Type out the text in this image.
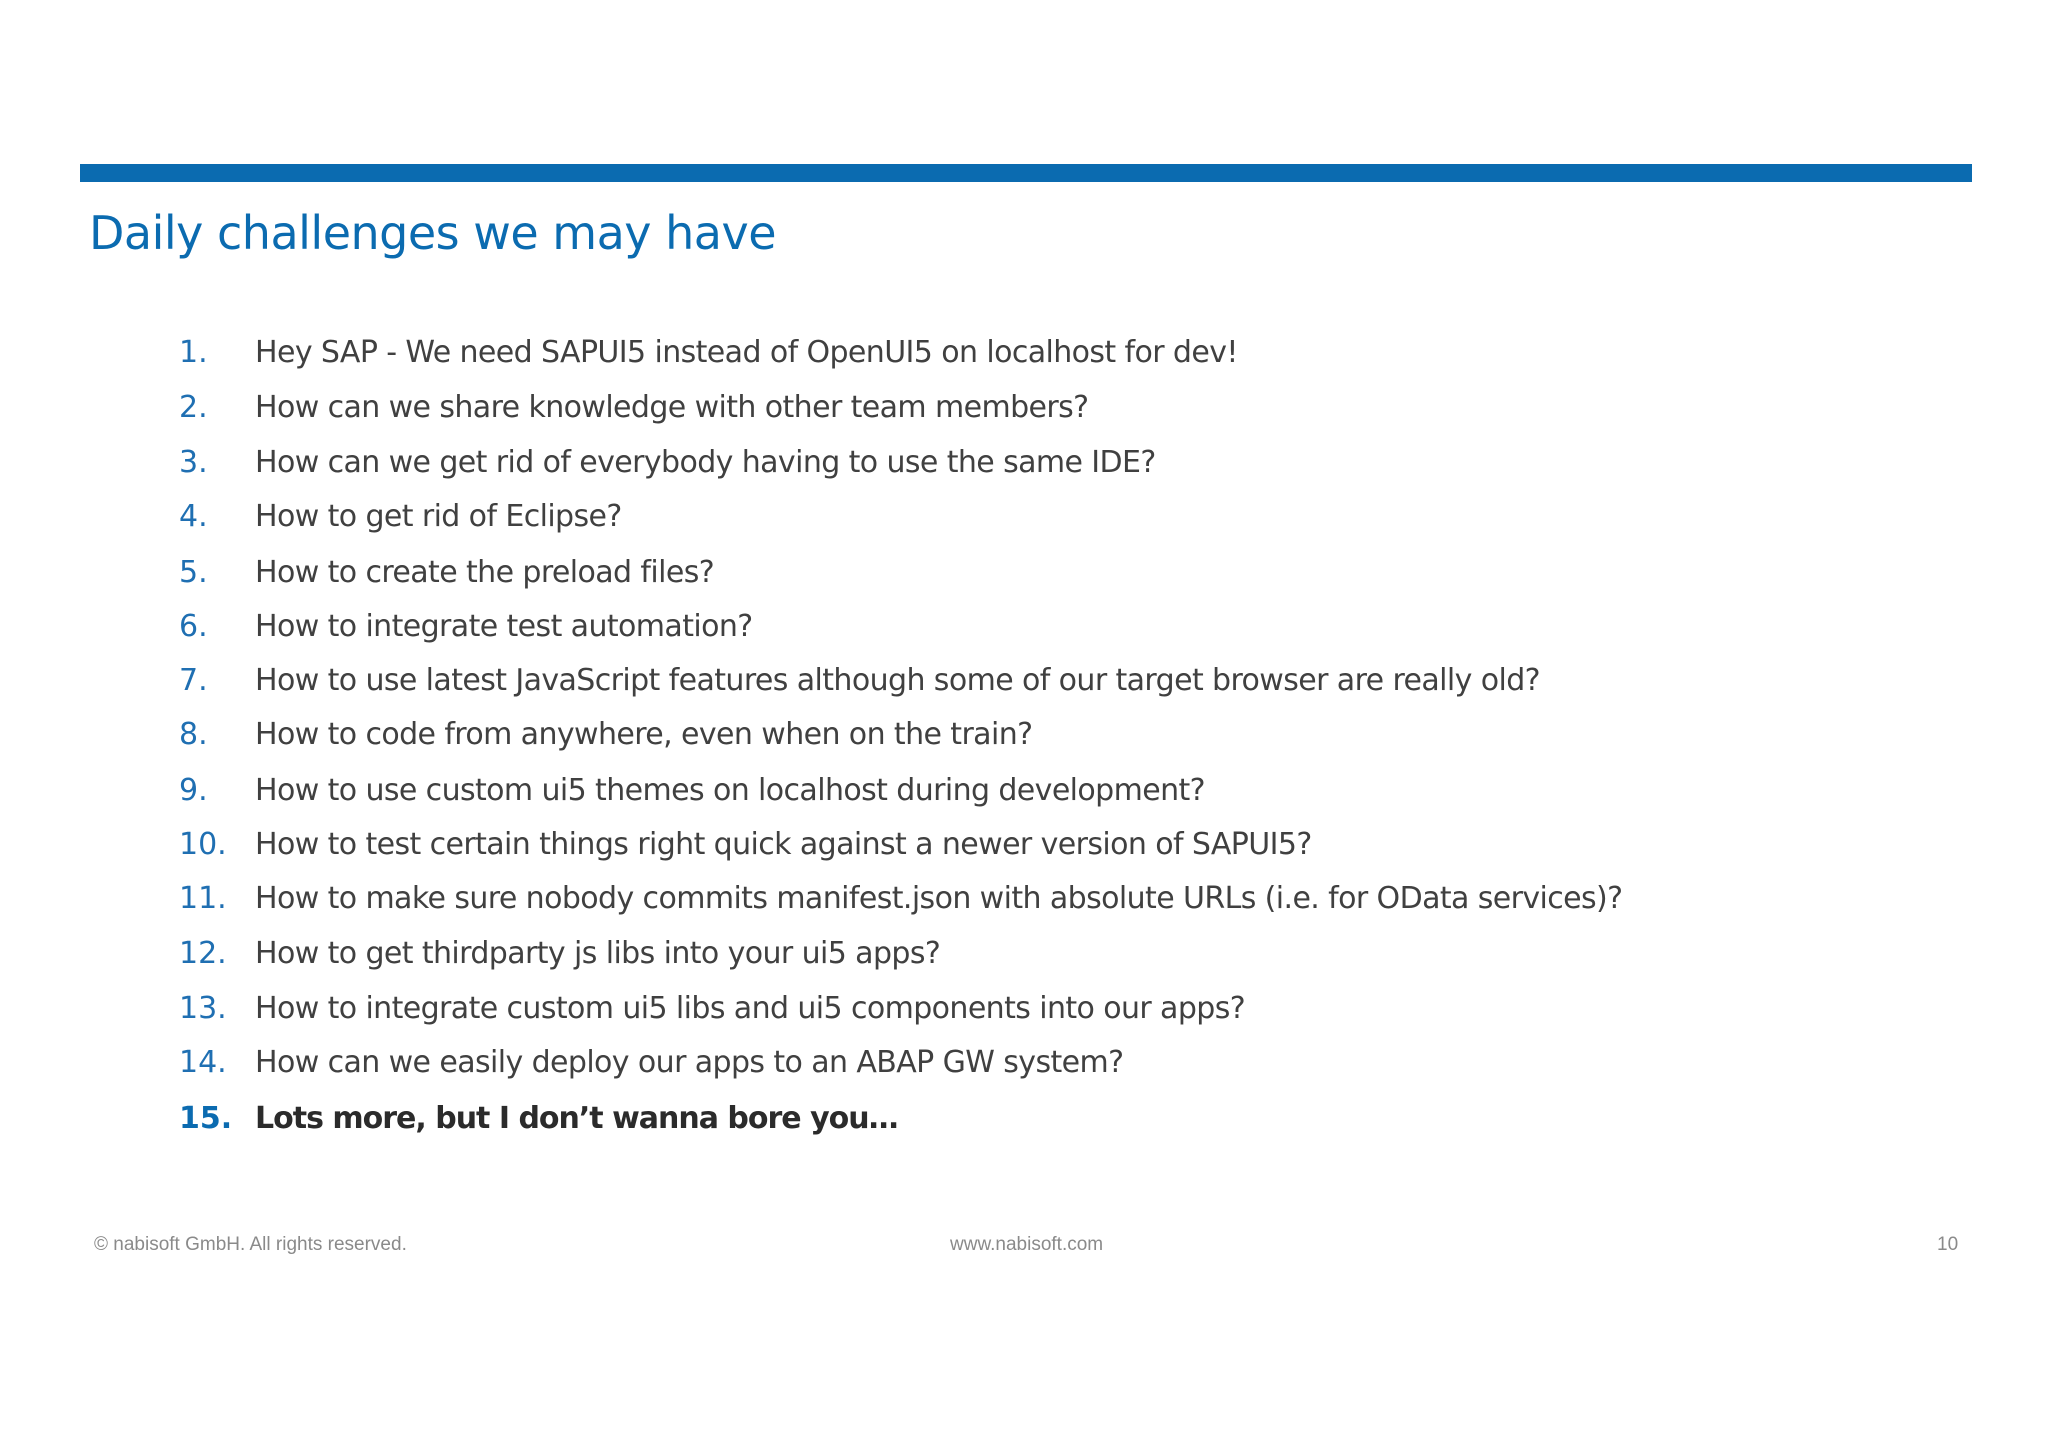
Daily challenges we may have
1.	Hey SAP - We need SAPUI5 instead of OpenUI5 on localhost for dev!
2.	How can we share knowledge with other team members?
3.	How can we get rid of everybody having to use the same IDE?
4.	How to get rid of Eclipse?
5.	How to create the preload files?
6.	How to integrate test automation?
7.	How to use latest JavaScript features although some of our target browser are really old?
8.	How to code from anywhere, even when on the train?
9.	How to use custom ui5 themes on localhost during development?
10. How to test certain things right quick against a newer version of SAPUI5?
11. How to make sure nobody commits manifest.json with absolute URLs (i.e. for OData services)?
12. How to get thirdparty js libs into your ui5 apps?
13. How to integrate custom ui5 libs and ui5 components into our apps?
14. How can we easily deploy our apps to an ABAP GW system?
15. Lots more, but I don’t wanna bore you…
© nabisoft GmbH. All rights reserved.	www.nabisoft.com	10
